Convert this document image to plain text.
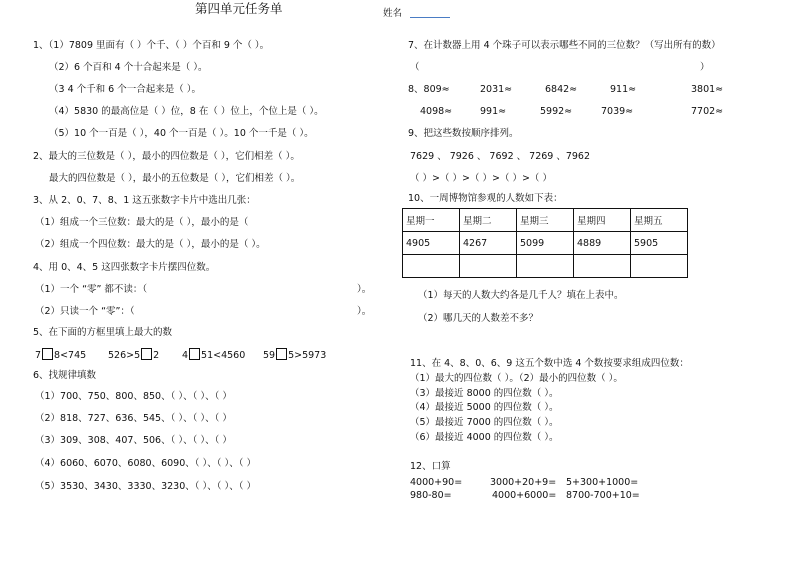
第四单元任务单	姓名
1、（1）7809 里面有（ ）个千、（ ）个百和 9 个（ ）。
（2）6 个百和 4 个十合起来是（ ）。
（3 4 个千和 6 个一合起来是（ ）。
（4）5830 的最高位是（ ）位，8 在（ ）位上，个位上是（ ）。
（5）10 个一百是（ ），40 个一百是（ ）。10 个一千是（ ）。
2、最大的三位数是（ ），最小的四位数是（ ），它们相差（ ）。
最大的四位数是（ ），最小的五位数是（ ），它们相差（ ）。
3、从 2、0、7、8、1 这五张数字卡片中选出几张：
（1）组成一个三位数：最大的是（ ），最小的是（
（2）组成一个四位数：最大的是（ ），最小的是（ ）。
4、用 0、4、5 这四张数字卡片摆四位数。
（1）一个 “零” 都不读：（	）。
（2）只读一个 “零”：（	）。
5、在下面的方框里填上最大的数
7 8<745 526>5 2 4 51<4560 59 5>5973
6、找规律填数
（1）700、750、800、850、（ ）、（ ）、（ ）
（2）818、727、636、545、（ ）、（ ）、（ ）
（3）309、308、407、506、（ ）、（ ）、（ ）
（4）6060、6070、6080、6090、（ ）、（ ）、（ ）
（5）3530、3430、3330、3230、（ ）、（ ）、（ ）
7、在计数器上用 4 个珠子可以表示哪些不同的三位数？（写出所有的数）
（	）
8、809≈	2031≈	6842≈	911≈	3801≈
4098≈	991≈	5992≈	7039≈	7702≈
9、把这些数按顺序排列。
7629 、 7926 、 7692 、 7269 、7962
（ ）>（ ）>（ ）>（ ）>（ ）
10、一周博物馆参观的人数如下表：
星期一	星期二	星期三	星期四	星期五
4905	4267	5099	4889	5905

（1）每天的人数大约各是几千人？填在上表中。
（2）哪几天的人数差不多？
11、在 4、8、0、6、9 这五个数中选 4 个数按要求组成四位数：
（1）最大的四位数（ ）。（2）最小的四位数（ ）。
（3）最接近 8000 的四位数（ ）。
（4）最接近 5000 的四位数（ ）。
（5）最接近 7000 的四位数（ ）。
（6）最接近 4000 的四位数（ ）。
12、口算
4000+90=	3000+20+9= 5+300+1000=
980-80=	4000+6000= 8700-700+10=
